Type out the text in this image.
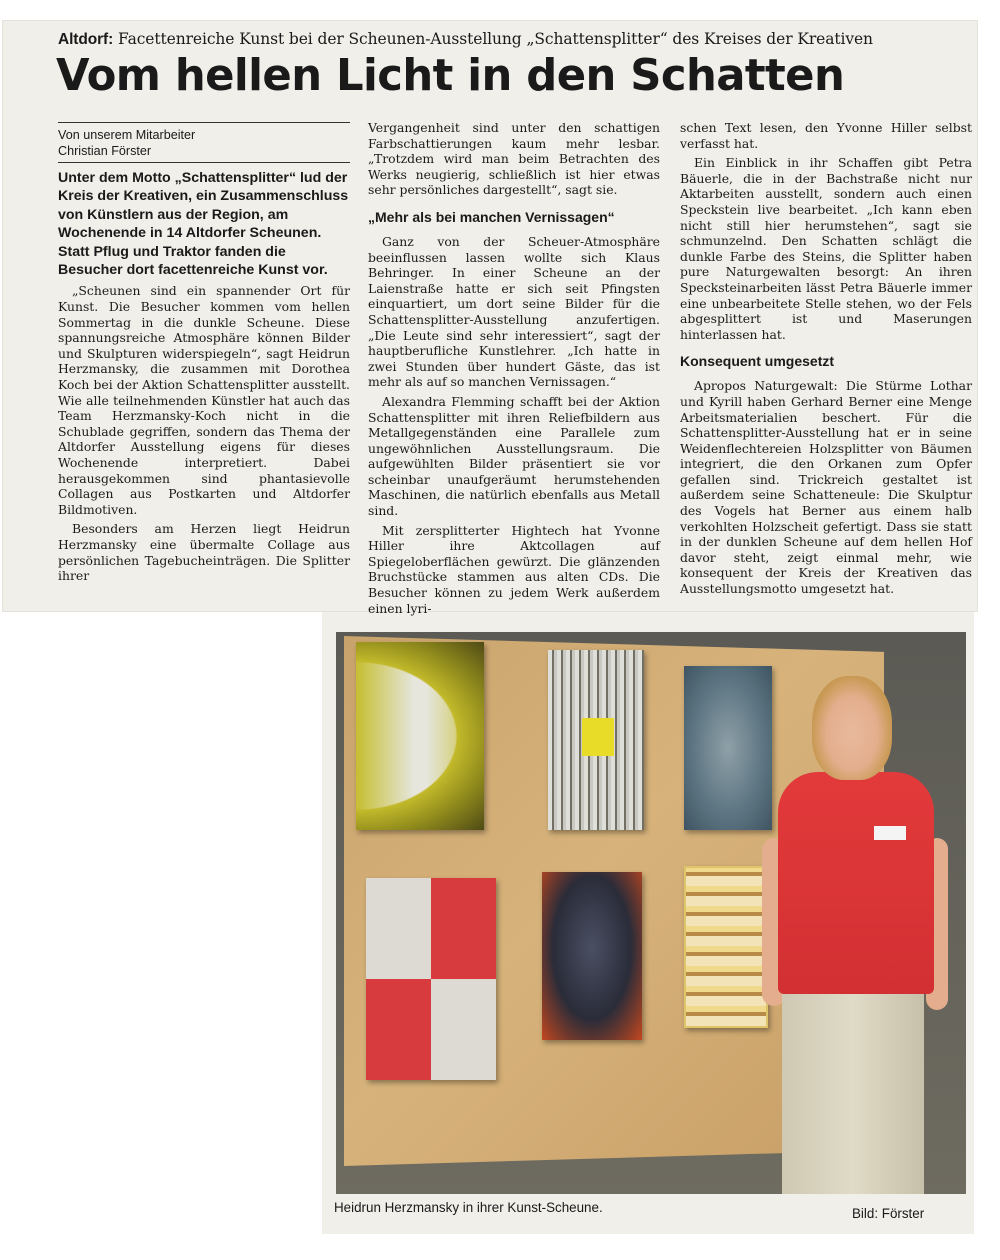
Altdorf: Facettenreiche Kunst bei der Scheunen-Ausstellung „Schattensplitter“ des Kreises der Kreativen
Vom hellen Licht in den Schatten
Von unserem Mitarbeiter
Christian Förster

Unter dem Motto „Schattensplitter“ lud der Kreis der Kreativen, ein Zusammenschluss von Künstlern aus der Region, am Wochenende in 14 Altdorfer Scheunen. Statt Pflug und Traktor fanden die Besucher dort facettenreiche Kunst vor.

„Scheunen sind ein spannender Ort für Kunst. Die Besucher kommen vom hellen Sommertag in die dunkle Scheune. Diese spannungsreiche Atmosphäre können Bilder und Skulpturen widerspiegeln“, sagt Heidrun Herzmansky, die zusammen mit Dorothea Koch bei der Aktion Schattensplitter ausstellt. Wie alle teilnehmenden Künstler hat auch das Team Herzmansky-Koch nicht in die Schublade gegriffen, sondern das Thema der Altdorfer Ausstellung eigens für dieses Wochenende interpretiert. Dabei herausgekommen sind phantasievolle Collagen aus Postkarten und Altdorfer Bildmotiven.

Besonders am Herzen liegt Heidrun Herzmansky eine übermalte Collage aus persönlichen Tagebucheinträgen. Die Splitter ihrer

Vergangenheit sind unter den schattigen Farbschattierungen kaum mehr lesbar. „Trotzdem wird man beim Betrachten des Werks neugierig, schließlich ist hier etwas sehr persönliches dargestellt“, sagt sie.

„Mehr als bei manchen Vernissagen“

Ganz von der Scheuer-Atmosphäre beeinflussen lassen wollte sich Klaus Behringer. In einer Scheune an der Laienstraße hatte er sich seit Pfingsten einquartiert, um dort seine Bilder für die Schattensplitter-Ausstellung anzufertigen. „Die Leute sind sehr interessiert“, sagt der hauptberufliche Kunstlehrer. „Ich hatte in zwei Stunden über hundert Gäste, das ist mehr als auf so manchen Vernissagen.“

Alexandra Flemming schafft bei der Aktion Schattensplitter mit ihren Reliefbildern aus Metallgegenständen eine Parallele zum ungewöhnlichen Ausstellungsraum. Die aufgewühlten Bilder präsentiert sie vor scheinbar unaufgeräumt herumstehenden Maschinen, die natürlich ebenfalls aus Metall sind.

Mit zersplitterter Hightech hat Yvonne Hiller ihre Aktcollagen auf Spiegeloberflächen gewürzt. Die glänzenden Bruchstücke stammen aus alten CDs. Die Besucher können zu jedem Werk außerdem einen lyri-

schen Text lesen, den Yvonne Hiller selbst verfasst hat.

Ein Einblick in ihr Schaffen gibt Petra Bäuerle, die in der Bachstraße nicht nur Aktarbeiten ausstellt, sondern auch einen Speckstein live bearbeitet. „Ich kann eben nicht still hier herumstehen“, sagt sie schmunzelnd. Den Schatten schlägt die dunkle Farbe des Steins, die Splitter haben pure Naturgewalten besorgt: An ihren Specksteinarbeiten lässt Petra Bäuerle immer eine unbearbeitete Stelle stehen, wo der Fels abgesplittert ist und Maserungen hinterlassen hat.

Konsequent umgesetzt

Apropos Naturgewalt: Die Stürme Lothar und Kyrill haben Gerhard Berner eine Menge Arbeitsmaterialien beschert. Für die Schattensplitter-Ausstellung hat er in seine Weidenflechtereien Holzsplitter von Bäumen integriert, die den Orkanen zum Opfer gefallen sind. Trickreich gestaltet ist außerdem seine Schatteneule: Die Skulptur des Vogels hat Berner aus einem halb verkohlten Holzscheit gefertigt. Dass sie statt in der dunklen Scheune auf dem hellen Hof davor steht, zeigt einmal mehr, wie konsequent der Kreis der Kreativen das Ausstellungsmotto umgesetzt hat.

Heidrun Herzmansky in ihrer Kunst-Scheune.	Bild: Förster
